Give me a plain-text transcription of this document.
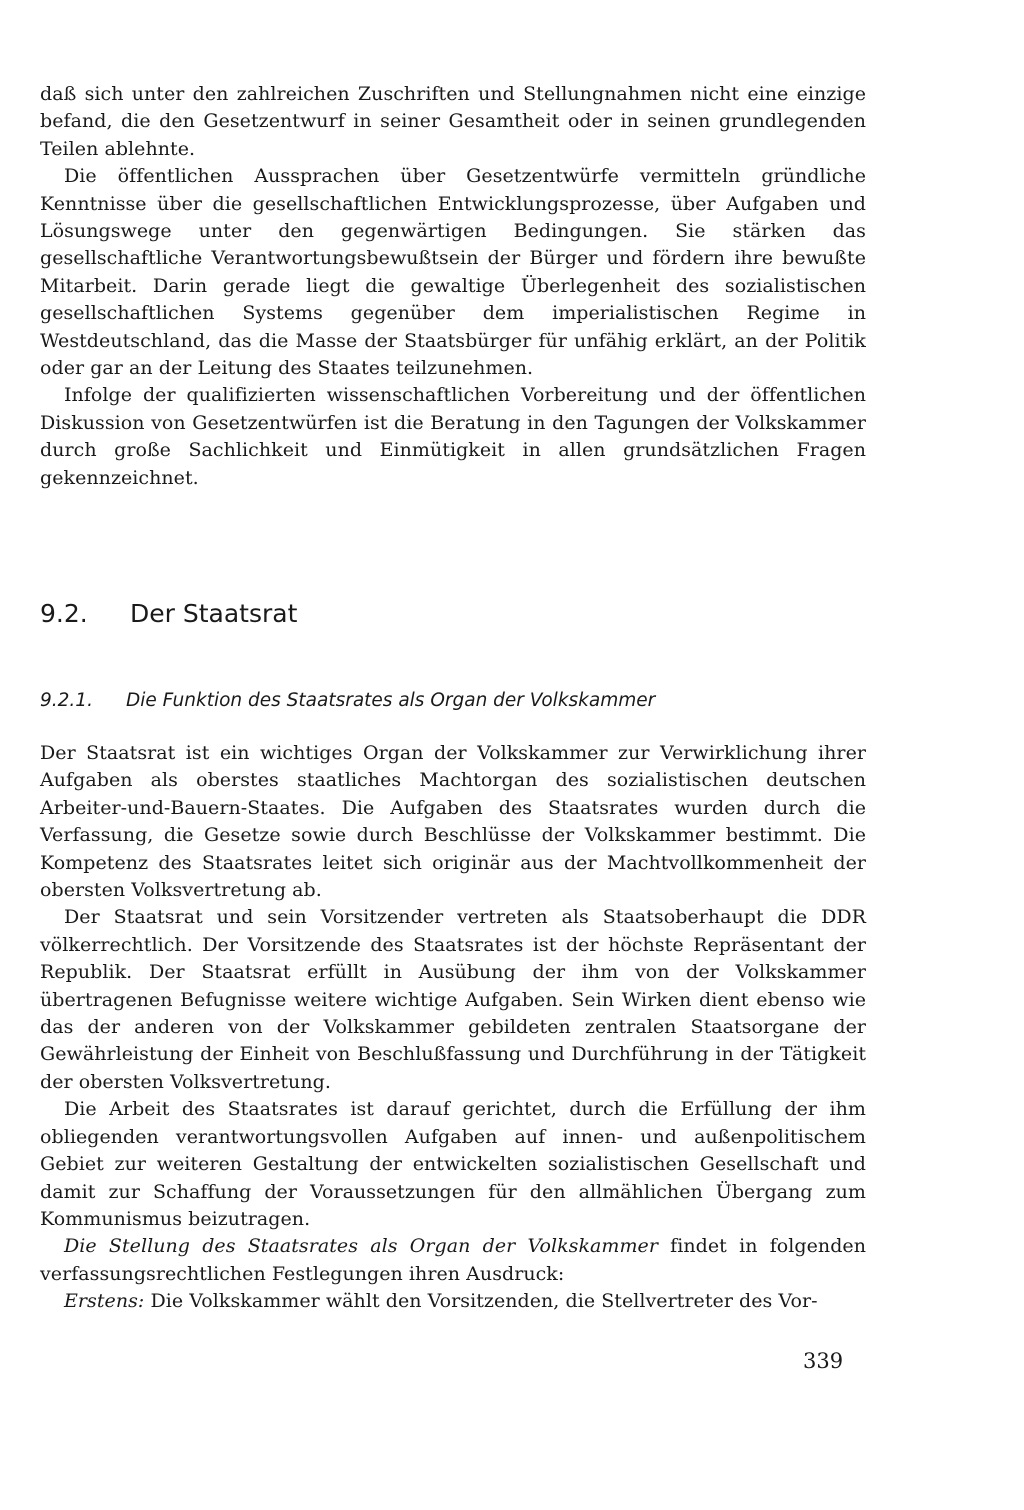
daß sich unter den zahlreichen Zuschriften und Stellungnahmen nicht eine einzige befand, die den Gesetzentwurf in seiner Gesamtheit oder in seinen grundlegenden Teilen ablehnte.

Die öffentlichen Aussprachen über Gesetzentwürfe vermitteln gründliche Kenntnisse über die gesellschaftlichen Entwicklungsprozesse, über Aufgaben und Lösungswege unter den gegenwärtigen Bedingungen. Sie stärken das gesellschaftliche Verantwortungsbewußtsein der Bürger und fördern ihre bewußte Mitarbeit. Darin gerade liegt die gewaltige Überlegenheit des sozialistischen gesellschaftlichen Systems gegenüber dem imperialistischen Regime in Westdeutschland, das die Masse der Staatsbürger für unfähig erklärt, an der Politik oder gar an der Leitung des Staates teilzunehmen.

Infolge der qualifizierten wissenschaftlichen Vorbereitung und der öffentlichen Diskussion von Gesetzentwürfen ist die Beratung in den Tagungen der Volkskammer durch große Sachlichkeit und Einmütigkeit in allen grundsätzlichen Fragen gekennzeichnet.

9.2. Der Staatsrat
9.2.1. Die Funktion des Staatsrates als Organ der Volkskammer

Der Staatsrat ist ein wichtiges Organ der Volkskammer zur Verwirklichung ihrer Aufgaben als oberstes staatliches Machtorgan des sozialistischen deutschen Arbeiter-und-Bauern-Staates. Die Aufgaben des Staatsrates wurden durch die Verfassung, die Gesetze sowie durch Beschlüsse der Volkskammer bestimmt. Die Kompetenz des Staatsrates leitet sich originär aus der Machtvollkommenheit der obersten Volksvertretung ab.

Der Staatsrat und sein Vorsitzender vertreten als Staatsoberhaupt die DDR völkerrechtlich. Der Vorsitzende des Staatsrates ist der höchste Repräsentant der Republik. Der Staatsrat erfüllt in Ausübung der ihm von der Volkskammer übertragenen Befugnisse weitere wichtige Aufgaben. Sein Wirken dient ebenso wie das der anderen von der Volkskammer gebildeten zentralen Staatsorgane der Gewährleistung der Einheit von Beschlußfassung und Durchführung in der Tätigkeit der obersten Volksvertretung.

Die Arbeit des Staatsrates ist darauf gerichtet, durch die Erfüllung der ihm obliegenden verantwortungsvollen Aufgaben auf innen- und außenpolitischem Gebiet zur weiteren Gestaltung der entwickelten sozialistischen Gesellschaft und damit zur Schaffung der Voraussetzungen für den allmählichen Übergang zum Kommunismus beizutragen.

Die Stellung des Staatsrates als Organ der Volkskammer findet in folgenden verfassungsrechtlichen Festlegungen ihren Ausdruck:

Erstens: Die Volkskammer wählt den Vorsitzenden, die Stellvertreter des Vor-

339
